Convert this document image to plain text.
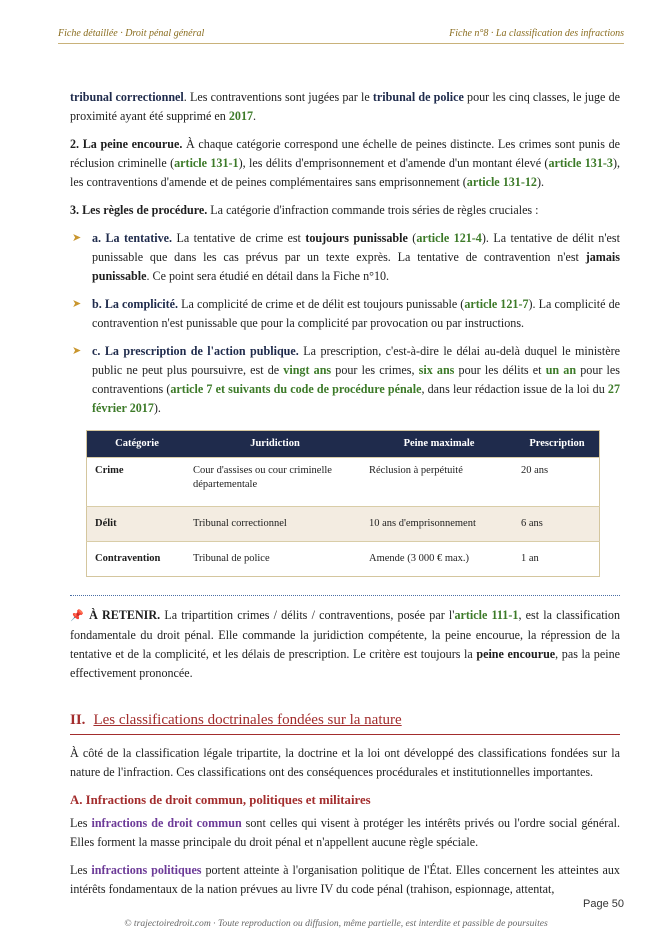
Fiche détaillée · Droit pénal général	Fiche n°8 · La classification des infractions

tribunal correctionnel. Les contraventions sont jugées par le tribunal de police pour les cinq classes, le juge de proximité ayant été supprimé en 2017.

2. La peine encourue. À chaque catégorie correspond une échelle de peines distincte. Les crimes sont punis de réclusion criminelle (article 131-1), les délits d'emprisonnement et d'amende d'un montant élevé (article 131-3), les contraventions d'amende et de peines complémentaires sans emprisonnement (article 131-12).

3. Les règles de procédure. La catégorie d'infraction commande trois séries de règles cruciales :

➤ a. La tentative. La tentative de crime est toujours punissable (article 121-4). La tentative de délit n'est punissable que dans les cas prévus par un texte exprès. La tentative de contravention n'est jamais punissable. Ce point sera étudié en détail dans la Fiche n°10.
➤ b. La complicité. La complicité de crime et de délit est toujours punissable (article 121-7). La complicité de contravention n'est punissable que pour la complicité par provocation ou par instructions.
➤ c. La prescription de l'action publique. La prescription, c'est-à-dire le délai au-delà duquel le ministère public ne peut plus poursuivre, est de vingt ans pour les crimes, six ans pour les délits et un an pour les contraventions (article 7 et suivants du code de procédure pénale, dans leur rédaction issue de la loi du 27 février 2017).
Catégorie	Juridiction	Peine maximale	Prescription
Crime	Cour d'assises ou cour criminelle départementale	Réclusion à perpétuité	20 ans
Délit	Tribunal correctionnel	10 ans d'emprisonnement	6 ans
Contravention	Tribunal de police	Amende (3 000 € max.)	1 an

📌 À RETENIR. La tripartition crimes / délits / contraventions, posée par l'article 111-1, est la classification fondamentale du droit pénal. Elle commande la juridiction compétente, la peine encourue, la répression de la tentative et de la complicité, et les délais de prescription. Le critère est toujours la peine encourue, pas la peine effectivement prononcée.

II. Les classifications doctrinales fondées sur la nature

À côté de la classification légale tripartite, la doctrine et la loi ont développé des classifications fondées sur la nature de l'infraction. Ces classifications ont des conséquences procédurales et institutionnelles importantes.

A. Infractions de droit commun, politiques et militaires

Les infractions de droit commun sont celles qui visent à protéger les intérêts privés ou l'ordre social général. Elles forment la masse principale du droit pénal et n'appellent aucune règle spéciale.

Les infractions politiques portent atteinte à l'organisation politique de l'État. Elles concernent les atteintes aux intérêts fondamentaux de la nation prévues au livre IV du code pénal (trahison, espionnage, attentat,

Page 50
© trajectoiredroit.com · Toute reproduction ou diffusion, même partielle, est interdite et passible de poursuites
